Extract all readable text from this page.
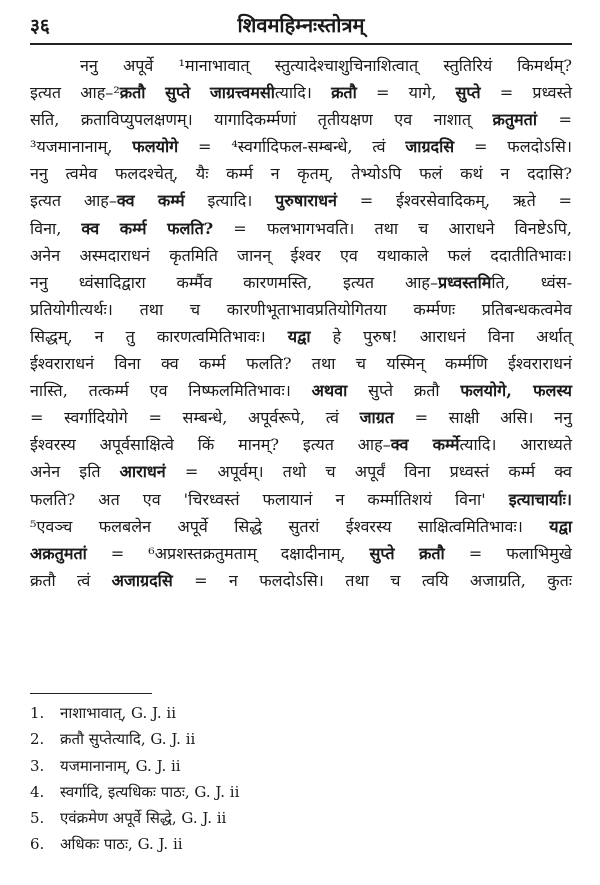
३६	शिवमहिम्नःस्तोत्रम्
ननु अपूर्वे ¹मानाभावात् स्तुत्यादेश्चाशुचिनाशित्वात् स्तुतिरियं किमर्थम्?
इत्यत आह–²क्रतौ सुप्ते जाग्रत्त्वमसीत्यादि। क्रतौ = यागे, सुप्ते = प्रध्वस्ते
सति, क्रताविप्युपलक्षणम्। यागादिकर्म्मणां तृतीयक्षण एव नाशात् क्रतुमतां =
³यजमानानाम्, फलयोगे = ⁴स्वर्गादिफल-सम्बन्धे, त्वं जाग्रदसि = फलदोऽसि।
ननु त्वमेव फलदश्चेत्, यैः कर्म्म न कृतम्, तेभ्योऽपि फलं कथं न ददासि?
इत्यत आह–क्व कर्म्म इत्यादि। पुरुषाराधनं = ईश्वरसेवादिकम्, ऋते =
विना, क्व कर्म्म फलति? = फलभागभवति। तथा च आराधने विनष्टेऽपि,
अनेन अस्मदाराधनं कृतमिति जानन् ईश्वर एव यथाकाले फलं ददातीतिभावः।
ननु ध्वंसादिद्वारा कर्म्मैव कारणमस्ति, इत्यत आह–प्रध्वस्तमिति, ध्वंस-
प्रतियोगीत्यर्थः। तथा च कारणीभूताभावप्रतियोगितया कर्म्मणः प्रतिबन्धकत्वमेव
सिद्धम्, न तु कारणत्वमितिभावः। यद्वा हे पुरुष! आराधनं विना अर्थात्
ईश्वराराधनं विना क्व कर्म्म फलति? तथा च यस्मिन् कर्म्मणि ईश्वराराधनं
नास्ति, तत्कर्म्म एव निष्फलमितिभावः। अथवा सुप्ते क्रतौ फलयोगे, फलस्य
= स्वर्गादियोगे = सम्बन्धे, अपूर्वरूपे, त्वं जाग्रत = साक्षी असि। ननु
ईश्वरस्य अपूर्वसाक्षित्वे किं मानम्? इत्यत आह–क्व कर्म्मेत्यादि। आराध्यते
अनेन इति आराधनं = अपूर्वम्। तथो च अपूर्वं विना प्रध्वस्तं कर्म्म क्व
फलति? अत एव 'चिरध्वस्तं फलायानं न कर्म्मातिशयं विना' इत्याचार्याः।
⁵एवञ्च फलबलेन अपूर्वे सिद्धे सुतरां ईश्वरस्य साक्षित्वमितिभावः। यद्वा
अक्रतुमतां = ⁶अप्रशस्तक्रतुमताम् दक्षादीनाम्, सुप्ते क्रतौ = फलाभिमुखे
क्रतौ त्वं अजाग्रदसि = न फलदोऽसि। तथा च त्वयि अजाग्रति, कुतः
1. नाशाभावात्, G. J. ii
2. क्रतौ सुप्तेत्यादि, G. J. ii
3. यजमानानाम्, G. J. ii
4. स्वर्गादि, इत्यधिकः पाठः, G. J. ii
5. एवंक्रमेण अपूर्वे सिद्धे, G. J. ii
6. अधिकः पाठः, G. J. ii
